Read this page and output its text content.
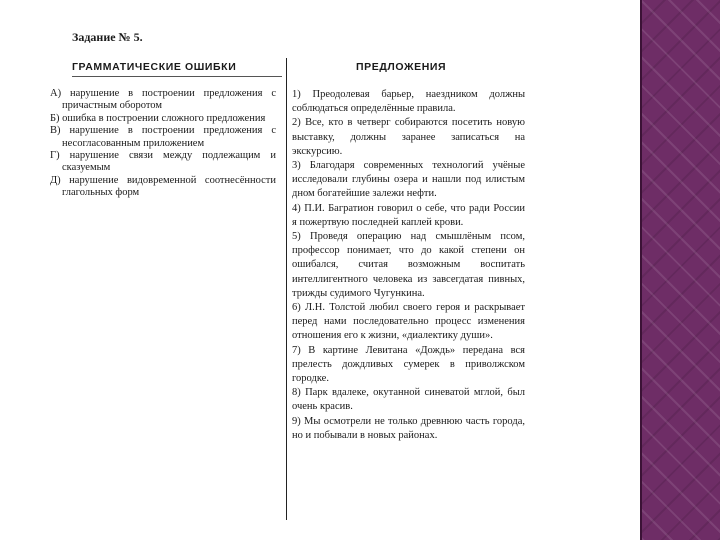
Задание № 5.
ГРАММАТИЧЕСКИЕ ОШИБКИ	ПРЕДЛОЖЕНИЯ
А) нарушение в построении предложения с причастным оборотом
Б) ошибка в построении сложного предложения
В) нарушение в построении предложения с несогласованным приложением
Г) нарушение связи между подлежащим и сказуемым
Д) нарушение видовременной соотнесённости глагольных форм
1) Преодолевая барьер, наездником должны соблюдаться определённые правила.
2) Все, кто в четверг собираются посетить новую выставку, должны заранее записаться на экскурсию.
3) Благодаря современных технологий учёные исследовали глубины озера и нашли под илистым дном богатейшие залежи нефти.
4) П.И. Багратион говорил о себе, что ради России я пожертвую последней каплей крови.
5) Проведя операцию над смышлёным псом, профессор понимает, что до какой степени он ошибался, считая возможным воспитать интеллигентного человека из завсегдатая пивных, трижды судимого Чугункина.
6) Л.Н. Толстой любил своего героя и раскрывает перед нами последовательно процесс изменения отношения его к жизни, «диалектику души».
7) В картине Левитана «Дождь» передана вся прелесть дождливых сумерек в приволжском городке.
8) Парк вдалеке, окутанной синеватой мглой, был очень красив.
9) Мы осмотрели не только древнюю часть города, но и побывали в новых районах.
